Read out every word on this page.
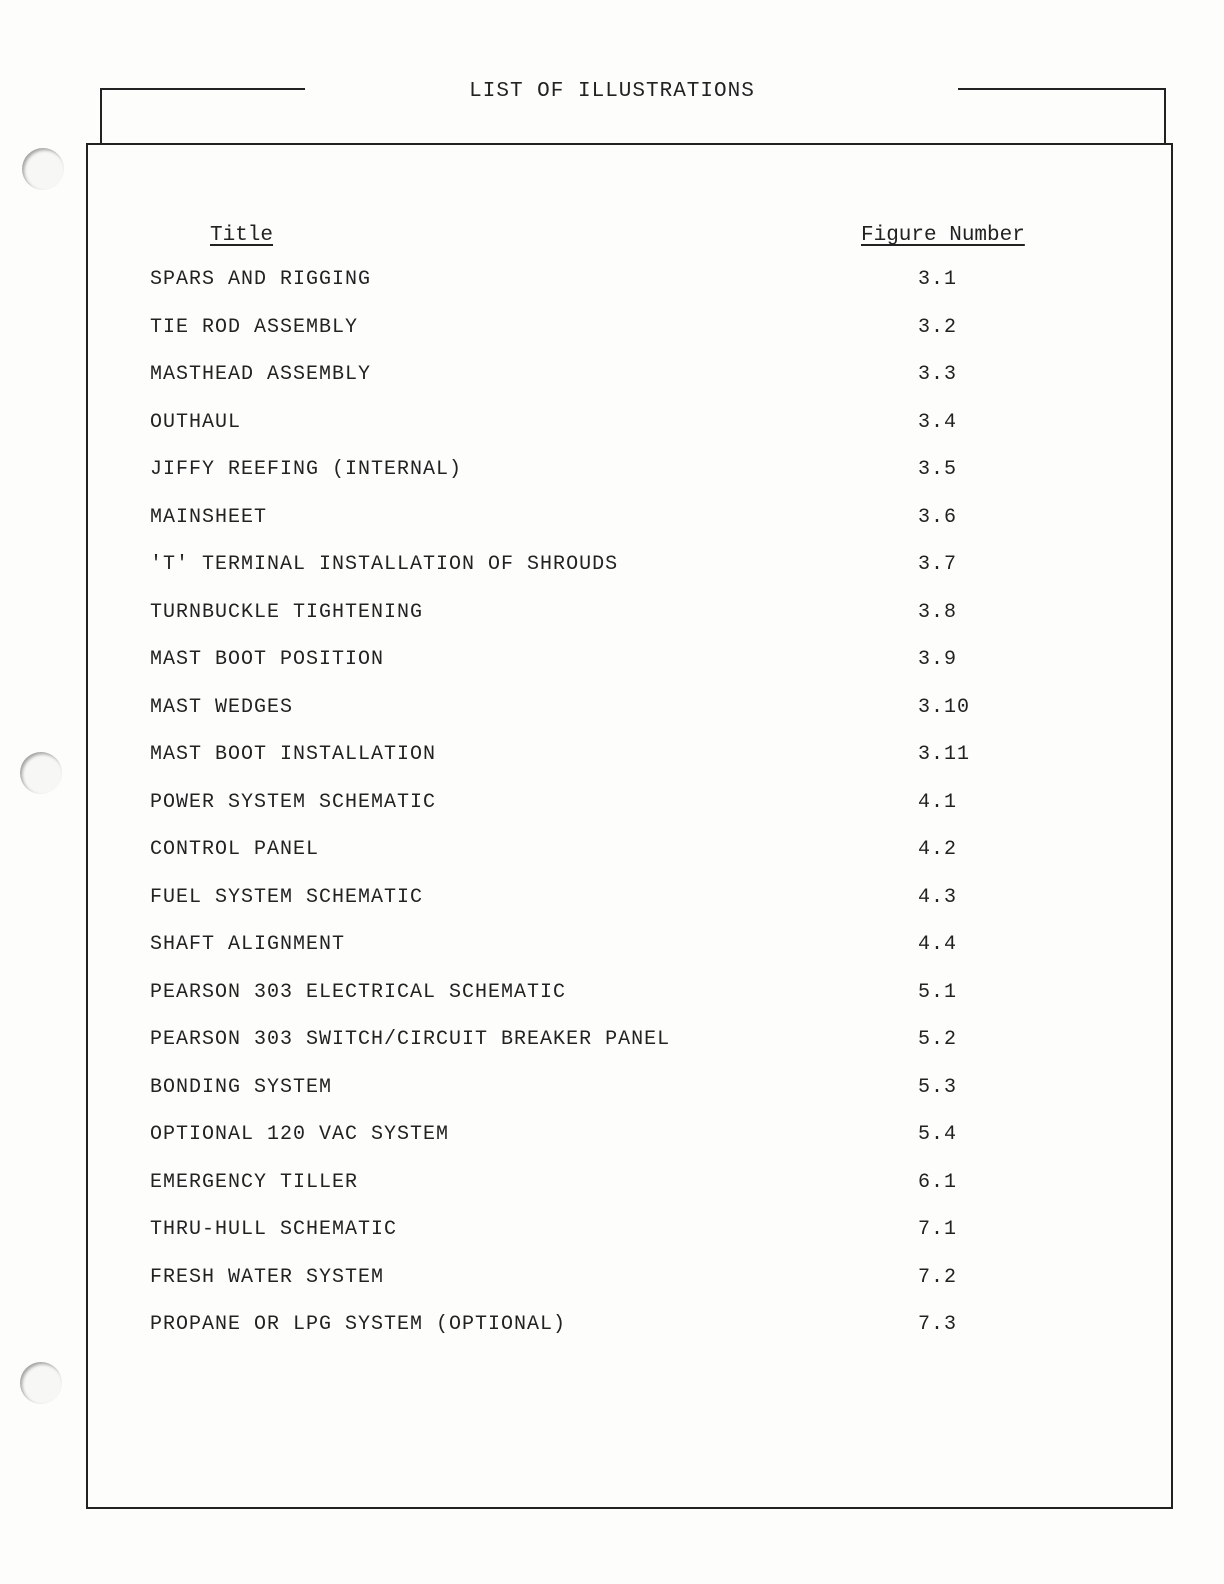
LIST OF ILLUSTRATIONS
Title	Figure Number
SPARS AND RIGGING	3.1
TIE ROD ASSEMBLY	3.2
MASTHEAD ASSEMBLY	3.3
OUTHAUL	3.4
JIFFY REEFING (INTERNAL)	3.5
MAINSHEET	3.6
'T' TERMINAL INSTALLATION OF SHROUDS	3.7
TURNBUCKLE TIGHTENING	3.8
MAST BOOT POSITION	3.9
MAST WEDGES	3.10
MAST BOOT INSTALLATION	3.11
POWER SYSTEM SCHEMATIC	4.1
CONTROL PANEL	4.2
FUEL SYSTEM SCHEMATIC	4.3
SHAFT ALIGNMENT	4.4
PEARSON 303 ELECTRICAL SCHEMATIC	5.1
PEARSON 303 SWITCH/CIRCUIT BREAKER PANEL	5.2
BONDING SYSTEM	5.3
OPTIONAL 120 VAC SYSTEM	5.4
EMERGENCY TILLER	6.1
THRU-HULL SCHEMATIC	7.1
FRESH WATER SYSTEM	7.2
PROPANE OR LPG SYSTEM (OPTIONAL)	7.3
